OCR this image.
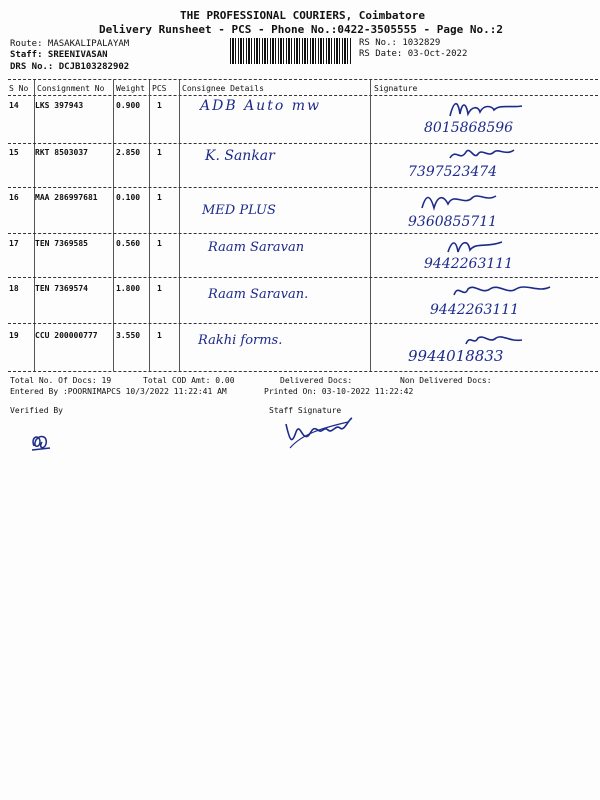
THE PROFESSIONAL COURIERS, Coimbatore
Delivery Runsheet - PCS - Phone No.:0422-3505555 - Page No.:2
Route: MASAKALIPALAYAM
Staff: SREENIVASAN
DRS No.: DCJB103282902
RS No.: 1032829
RS Date: 03-Oct-2022
S No Consignment No Weight PCS Consignee Details	Signature
14 LKS 397943	0.900 1	ADB Auto mw
8015868596
15 RKT 8503037	2.850 1	K. Sankar
7397523474
16 MAA 286997681 0.100 1
MED PLUS
9360855711
17 TEN 7369585	0.560 1	Raam Saravan
9442263111
18 TEN 7369574	1.800 1	Raam Saravan.
9442263111
19 CCU 200000777 3.550 1	Rakhi forms.
9944018833
Total No. Of Docs: 19	Total COD Amt: 0.00	Delivered Docs:	Non Delivered Docs:
Entered By :POORNIMAPCS 10/3/2022 11:22:41 AM	Printed On: 03-10-2022 11:22:42
Verified By	Staff Signature
